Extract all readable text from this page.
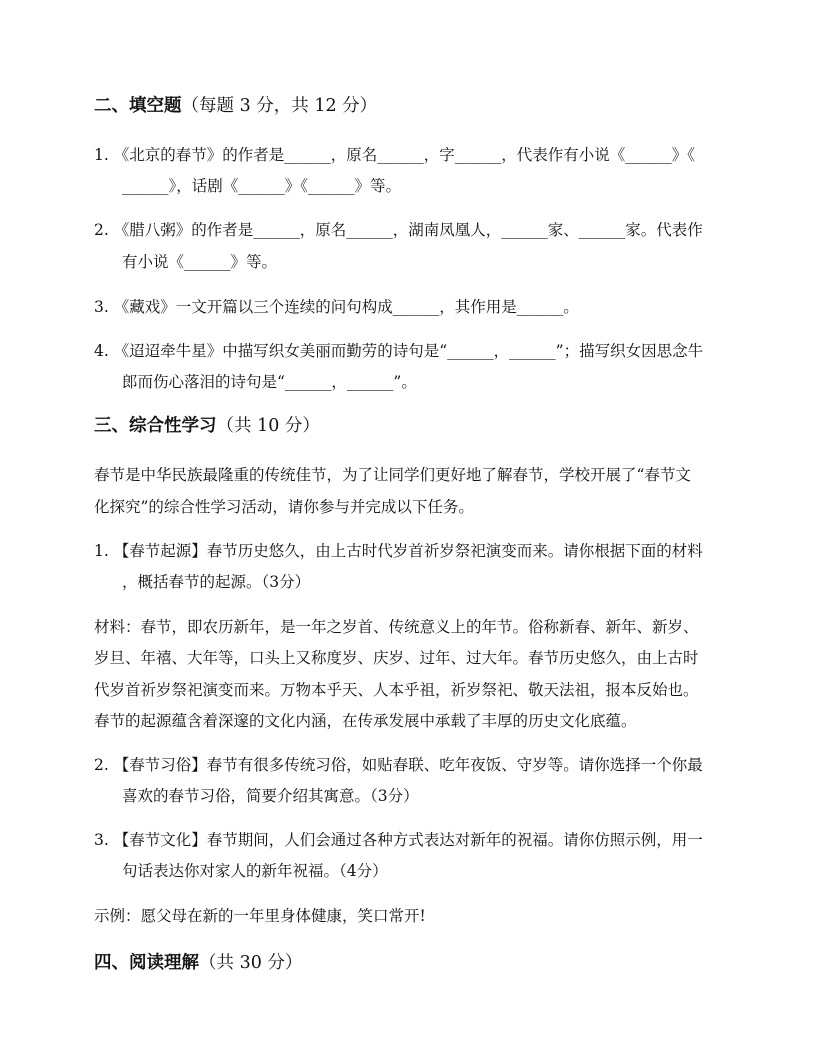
二、填空题（每题 3 分，共 12 分）
1. 《北京的春节》的作者是______，原名______，字______，代表作有小说《______》《
______》，话剧《______》《______》等。
2. 《腊八粥》的作者是______，原名______，湖南凤凰人，______家、______家。代表作
有小说《______》等。
3. 《藏戏》一文开篇以三个连续的问句构成______，其作用是______。
4. 《迢迢牵牛星》中描写织女美丽而勤劳的诗句是“______，______”；描写织女因思念牛
郎而伤心落泪的诗句是“______，______”。
三、综合性学习（共 10 分）
春节是中华民族最隆重的传统佳节，为了让同学们更好地了解春节，学校开展了“春节文
化探究”的综合性学习活动，请你参与并完成以下任务。
1. 【春节起源】春节历史悠久，由上古时代岁首祈岁祭祀演变而来。请你根据下面的材料
，概括春节的起源。（3分）
材料：春节，即农历新年，是一年之岁首、传统意义上的年节。俗称新春、新年、新岁、
岁旦、年禧、大年等，口头上又称度岁、庆岁、过年、过大年。春节历史悠久，由上古时
代岁首祈岁祭祀演变而来。万物本乎天、人本乎祖，祈岁祭祀、敬天法祖，报本反始也。
春节的起源蕴含着深邃的文化内涵，在传承发展中承载了丰厚的历史文化底蕴。
2. 【春节习俗】春节有很多传统习俗，如贴春联、吃年夜饭、守岁等。请你选择一个你最
喜欢的春节习俗，简要介绍其寓意。（3分）
3. 【春节文化】春节期间，人们会通过各种方式表达对新年的祝福。请你仿照示例，用一
句话表达你对家人的新年祝福。（4分）
示例：愿父母在新的一年里身体健康，笑口常开!
四、阅读理解（共 30 分）
